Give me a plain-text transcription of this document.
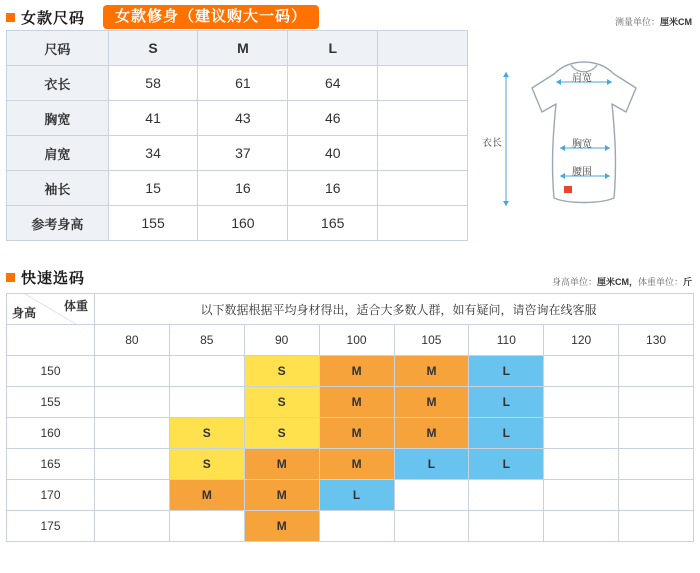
女款尺码	女款修身（建议购大一码）	测量单位：厘米CM
尺码	S	M	L	
衣长	58	61	64	
胸宽	41	43	46	
肩宽	34	37	40	
袖长	15	16	16	
参考身高	155	160	165	
肩宽
衣长	胸宽
腰围
快速选码	身高单位：厘米CM，体重单位：斤
体重
身高	以下数据根据平均身材得出，适合大多数人群，如有疑问，请咨询在线客服							
	80	85	90	100	105	110	120	130
150			S	M	M	L		
155			S	M	M	L		
160		S	S	M	M	L		
165		S	M	M	L	L		
170		M	M	L				
175			M					
